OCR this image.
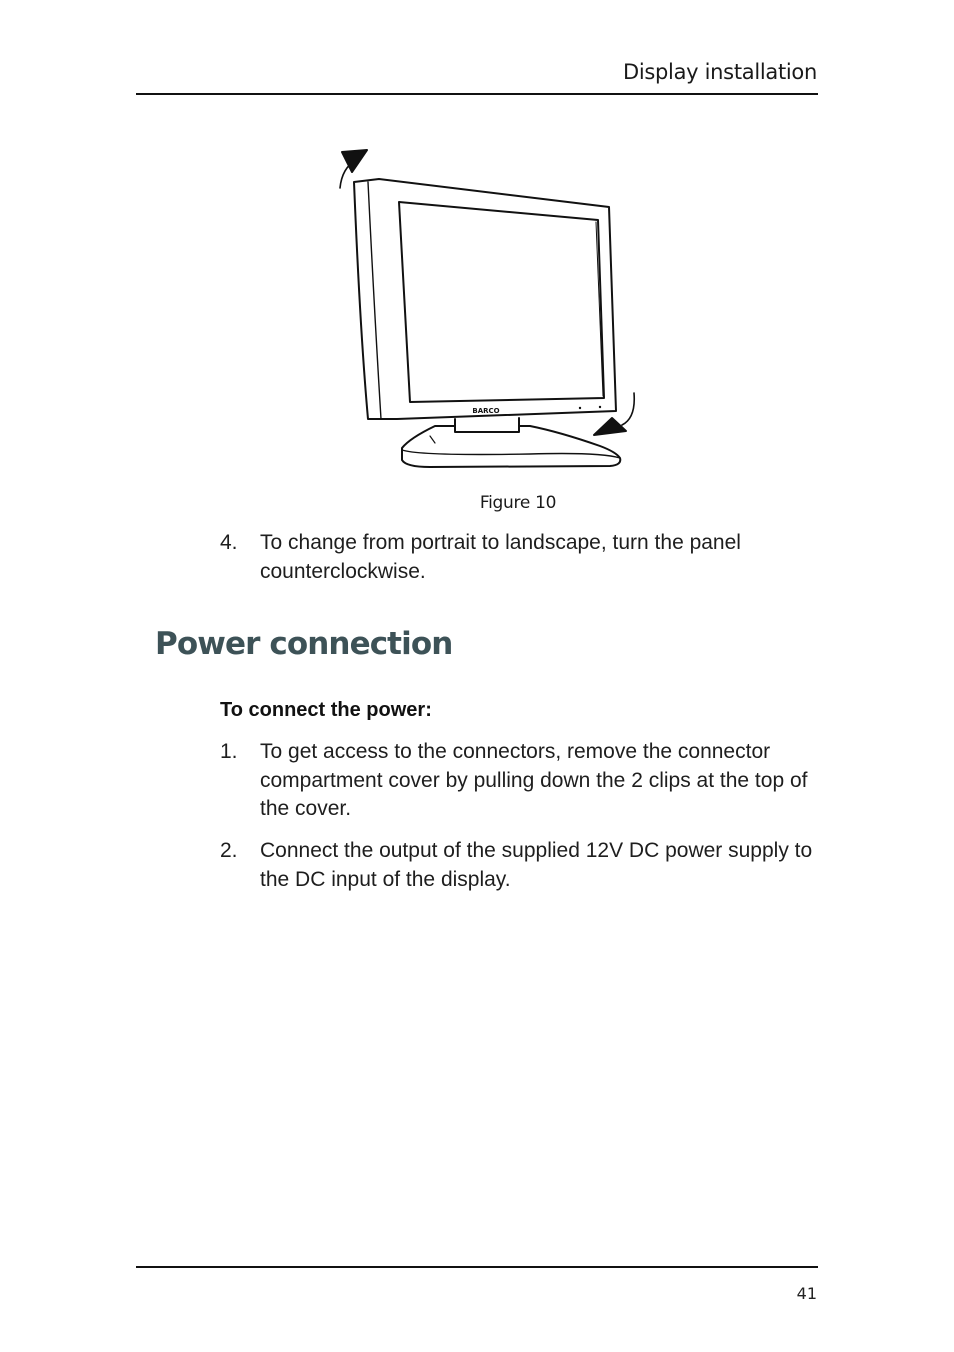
Display installation
BARCO
Figure 10
4. To change from portrait to landscape, turn the panel counterclockwise.
Power connection
To connect the power:
1. To get access to the connectors, remove the connector compartment cover by pulling down the 2 clips at the top of the cover.
2. Connect the output of the supplied 12V DC power supply to the DC input of the display.
41
